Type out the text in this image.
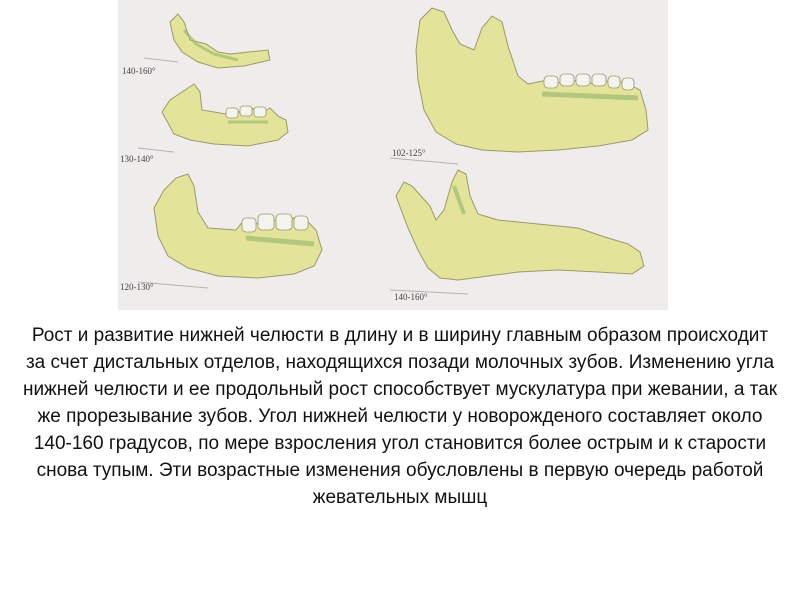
140-160°
130-140°
120-130°
102-125°
140-160°
Рост и развитие нижней челюсти в длину и в ширину главным образом происходит за счет дистальных отделов, находящихся позади молочных зубов. Изменению угла нижней челюсти и ее продольный рост способствует мускулатура при жевании, а так же прорезывание зубов. Угол нижней челюсти у новорожденого составляет около 140-160 градусов, по мере взросления угол становится более острым и к старости снова тупым. Эти возрастные изменения обусловлены в первую очередь работой жевательных мышц
